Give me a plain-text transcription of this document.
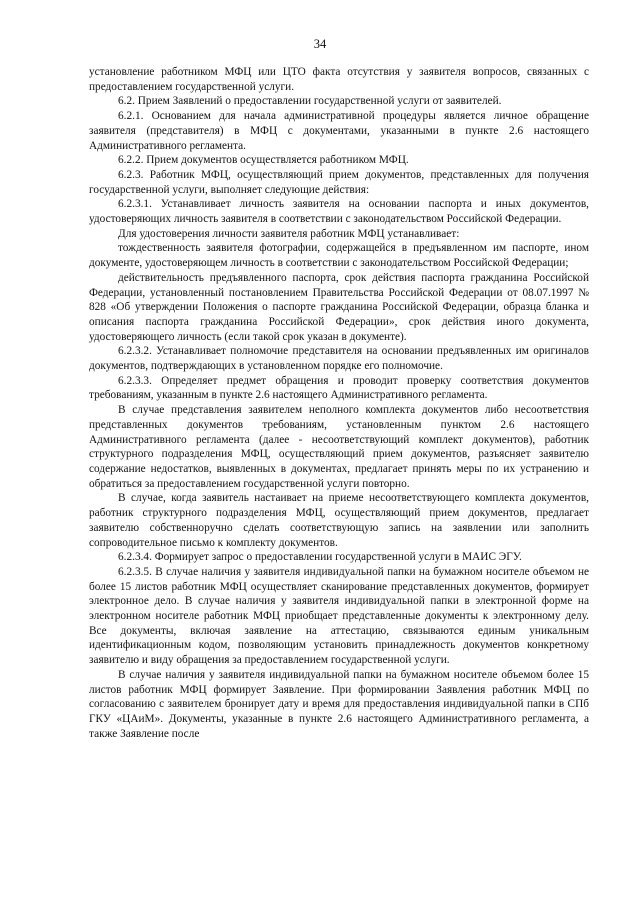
34

установление работником МФЦ или ЦТО факта отсутствия у заявителя вопросов, связанных с предоставлением государственной услуги.

6.2. Прием Заявлений о предоставлении государственной услуги от заявителей.

6.2.1. Основанием для начала административной процедуры является личное обращение заявителя (представителя) в МФЦ с документами, указанными в пункте 2.6 настоящего Административного регламента.

6.2.2. Прием документов осуществляется работником МФЦ.

6.2.3. Работник МФЦ, осуществляющий прием документов, представленных для получения государственной услуги, выполняет следующие действия:

6.2.3.1. Устанавливает личность заявителя на основании паспорта и иных документов, удостоверяющих личность заявителя в соответствии с законодательством Российской Федерации.

Для удостоверения личности заявителя работник МФЦ устанавливает:

тождественность заявителя фотографии, содержащейся в предъявленном им паспорте, ином документе, удостоверяющем личность в соответствии с законодательством Российской Федерации;

действительность предъявленного паспорта, срок действия паспорта гражданина Российской Федерации, установленный постановлением Правительства Российской Федерации от 08.07.1997 № 828 «Об утверждении Положения о паспорте гражданина Российской Федерации, образца бланка и описания паспорта гражданина Российской Федерации», срок действия иного документа, удостоверяющего личность (если такой срок указан в документе).

6.2.3.2. Устанавливает полномочие представителя на основании предъявленных им оригиналов документов, подтверждающих в установленном порядке его полномочие.

6.2.3.3. Определяет предмет обращения и проводит проверку соответствия документов требованиям, указанным в пункте 2.6 настоящего Административного регламента.

В случае представления заявителем неполного комплекта документов либо несоответствия представленных документов требованиям, установленным пунктом 2.6 настоящего Административного регламента (далее - несоответствующий комплект документов), работник структурного подразделения МФЦ, осуществляющий прием документов, разъясняет заявителю содержание недостатков, выявленных в документах, предлагает принять меры по их устранению и обратиться за предоставлением государственной услуги повторно.

В случае, когда заявитель настаивает на приеме несоответствующего комплекта документов, работник структурного подразделения МФЦ, осуществляющий прием документов, предлагает заявителю собственноручно сделать соответствующую запись на заявлении или заполнить сопроводительное письмо к комплекту документов.

6.2.3.4. Формирует запрос о предоставлении государственной услуги в МАИС ЭГУ.

6.2.3.5. В случае наличия у заявителя индивидуальной папки на бумажном носителе объемом не более 15 листов работник МФЦ осуществляет сканирование представленных документов, формирует электронное дело. В случае наличия у заявителя индивидуальной папки в электронной форме на электронном носителе работник МФЦ приобщает представленные документы к электронному делу. Все документы, включая заявление на аттестацию, связываются единым уникальным идентификационным кодом, позволяющим установить принадлежность документов конкретному заявителю и виду обращения за предоставлением государственной услуги.

В случае наличия у заявителя индивидуальной папки на бумажном носителе объемом более 15 листов работник МФЦ формирует Заявление. При формировании Заявления работник МФЦ по согласованию с заявителем бронирует дату и время для предоставления индивидуальной папки в СПб ГКУ «ЦАиМ». Документы, указанные в пункте 2.6 настоящего Административного регламента, а также Заявление после
